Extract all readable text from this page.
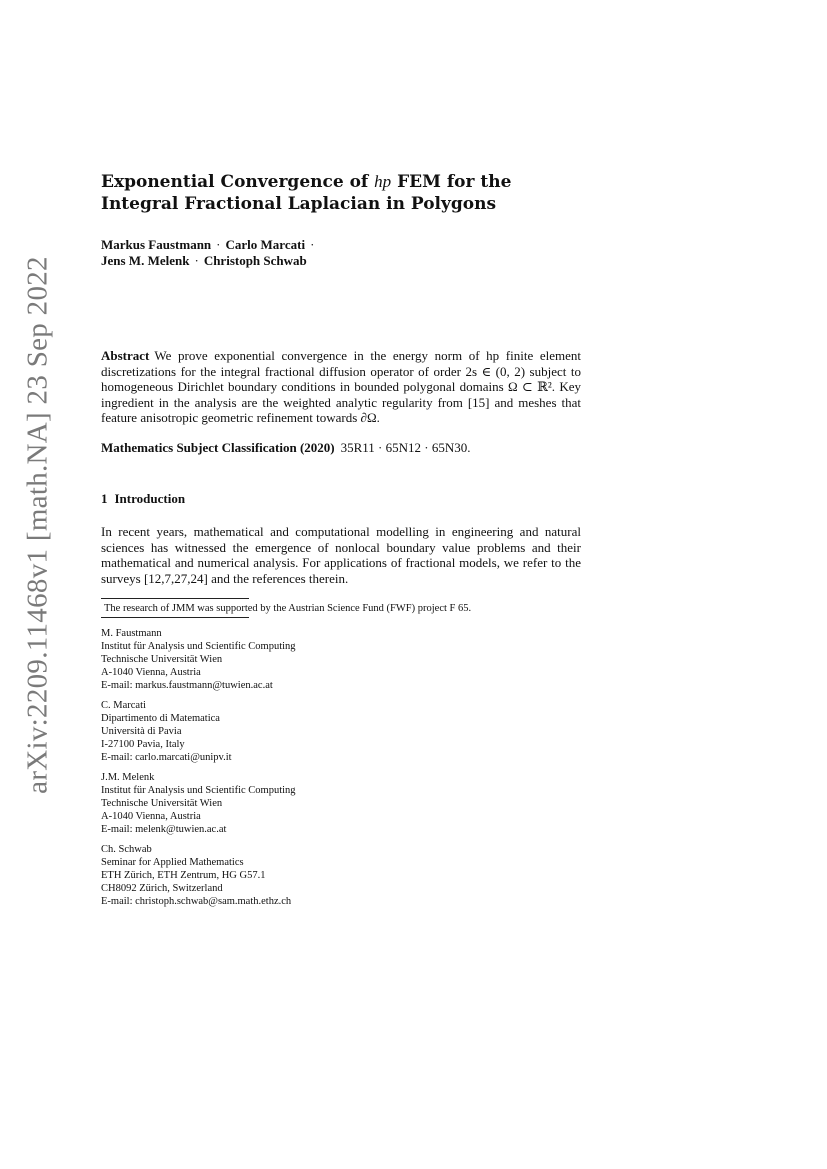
arXiv:2209.11468v1 [math.NA] 23 Sep 2022
Exponential Convergence of hp FEM for the
Integral Fractional Laplacian in Polygons
Markus Faustmann · Carlo Marcati ·
Jens M. Melenk · Christoph Schwab
Abstract We prove exponential convergence in the energy norm of hp finite element discretizations for the integral fractional diffusion operator of order 2s ∈ (0, 2) subject to homogeneous Dirichlet boundary conditions in bounded polygonal domains Ω ⊂ ℝ². Key ingredient in the analysis are the weighted analytic regularity from [15] and meshes that feature anisotropic geometric refinement towards ∂Ω.
Mathematics Subject Classification (2020) 35R11 · 65N12 · 65N30.
1 Introduction
In recent years, mathematical and computational modelling in engineering and natural sciences has witnessed the emergence of nonlocal boundary value problems and their mathematical and numerical analysis. For applications of fractional models, we refer to the surveys [12,7,27,24] and the references therein.
The research of JMM was supported by the Austrian Science Fund (FWF) project F 65.
M. Faustmann
Institut für Analysis und Scientific Computing
Technische Universität Wien
A-1040 Vienna, Austria
E-mail: markus.faustmann@tuwien.ac.at
C. Marcati
Dipartimento di Matematica
Università di Pavia
I-27100 Pavia, Italy
E-mail: carlo.marcati@unipv.it
J.M. Melenk
Institut für Analysis und Scientific Computing
Technische Universität Wien
A-1040 Vienna, Austria
E-mail: melenk@tuwien.ac.at
Ch. Schwab
Seminar for Applied Mathematics
ETH Zürich, ETH Zentrum, HG G57.1
CH8092 Zürich, Switzerland
E-mail: christoph.schwab@sam.math.ethz.ch
